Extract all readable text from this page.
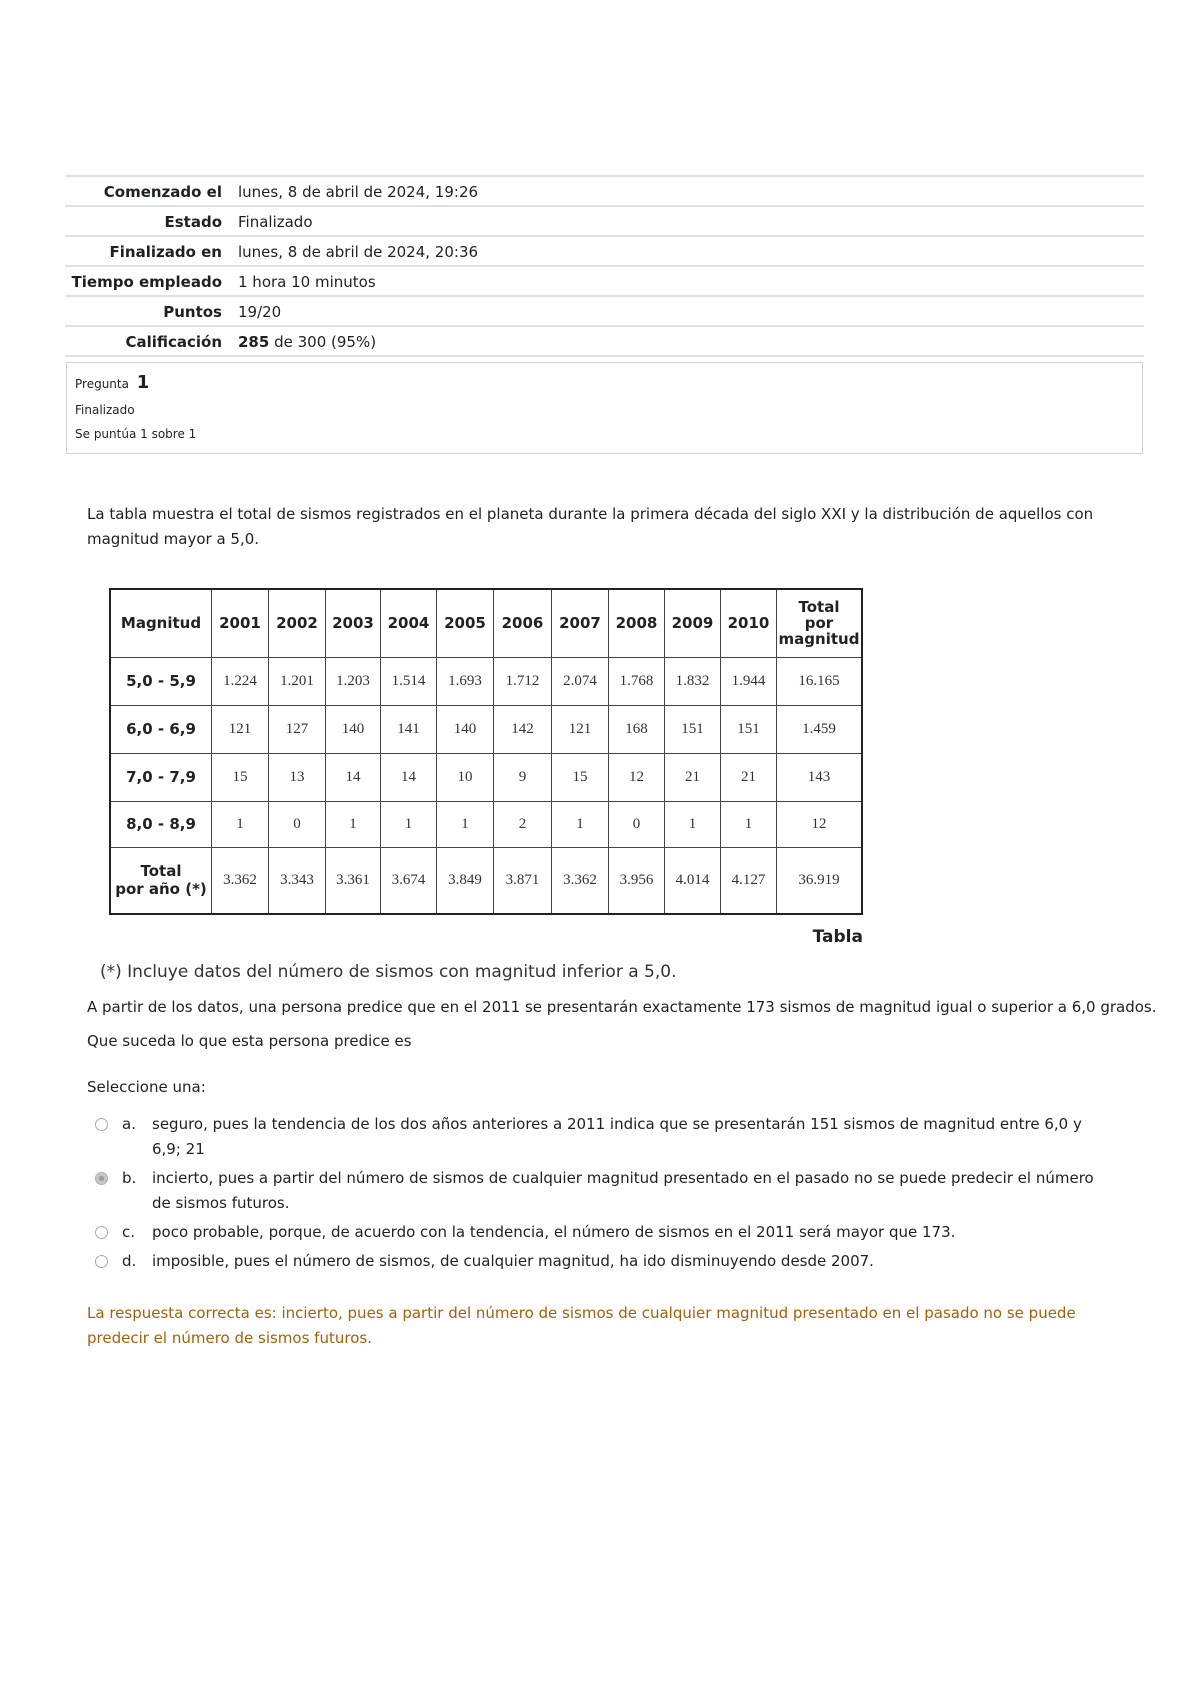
Comenzado el	lunes, 8 de abril de 2024, 19:26
Estado	Finalizado
Finalizado en	lunes, 8 de abril de 2024, 20:36
Tiempo empleado	1 hora 10 minutos
Puntos	19/20
Calificación	285 de 300 (95%)
Pregunta 1
Finalizado
Se puntúa 1 sobre 1
La tabla muestra el total de sismos registrados en el planeta durante la primera década del siglo XXI y la distribución de aquellos con magnitud mayor a 5,0.
Magnitud	2001	2002	2003	2004	2005	2006	2007	2008	2009	2010	Total
por
magnitud

5,0 - 5,9	1.224	1.201	1.203	1.514	1.693	1.712	2.074	1.768	1.832	1.944	16.165
6,0 - 6,9	121	127	140	141	140	142	121	168	151	151	1.459
7,0 - 7,9	15	13	14	14	10	9	15	12	21	21	143
8,0 - 8,9	1	0	1	1	1	2	1	0	1	1	12

Total
por año (*)	3.362	3.343	3.361	3.674	3.849	3.871	3.362	3.956	4.014	4.127	36.919
Tabla
(*) Incluye datos del número de sismos con magnitud inferior a 5,0.
A partir de los datos, una persona predice que en el 2011 se presentarán exactamente 173 sismos de magnitud igual o superior a 6,0 grados.
Que suceda lo que esta persona predice es
Seleccione una:
a. seguro, pues la tendencia de los dos años anteriores a 2011 indica que se presentarán 151 sismos de magnitud entre 6,0 y 6,9; 21
b. incierto, pues a partir del número de sismos de cualquier magnitud presentado en el pasado no se puede predecir el número de sismos futuros.
c. poco probable, porque, de acuerdo con la tendencia, el número de sismos en el 2011 será mayor que 173.
d. imposible, pues el número de sismos, de cualquier magnitud, ha ido disminuyendo desde 2007.
La respuesta correcta es: incierto, pues a partir del número de sismos de cualquier magnitud presentado en el pasado no se puede predecir el número de sismos futuros.
